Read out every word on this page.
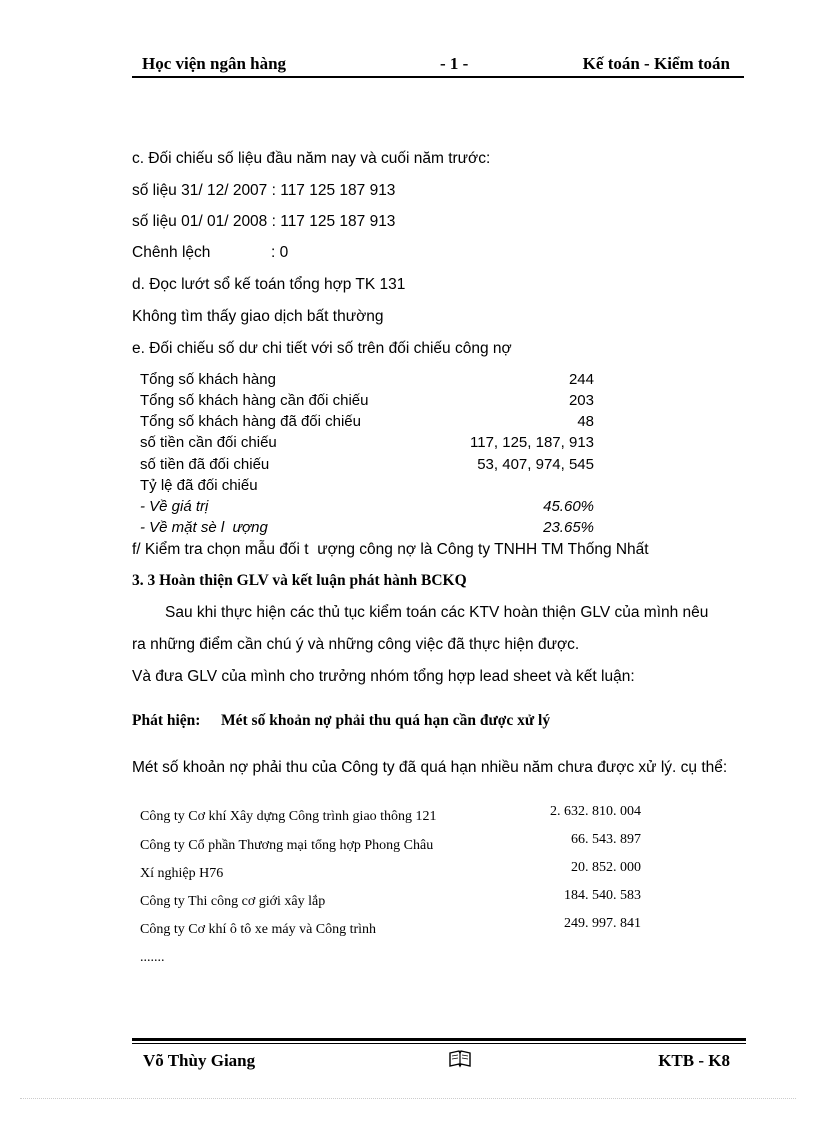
Học viện ngân hàng	- 1 -	Kế toán - Kiểm toán
c. Đối chiếu số liệu đầu năm nay và cuối năm trước:
số liệu 31/ 12/ 2007 : 117 125 187 913
số liệu 01/ 01/ 2008 : 117 125 187 913
Chênh lệch	: 0
d. Đọc lướt sổ kế toán tổng hợp TK 131
Không tìm thấy giao dịch bất thường
e. Đối chiếu số dư chi tiết với số trên đối chiếu công nợ
Tổng số khách hàng	244
Tổng số khách hàng cần đối chiếu	203
Tổng số khách hàng đã đối chiếu	48
số tiền cần đối chiếu	117, 125, 187, 913
số tiền đã đối chiếu	53, 407, 974, 545
Tỷ lệ đã đối chiếu
- Về giá trị	45.60%
- Về mặt sè l ượng	23.65%
f/ Kiểm tra chọn mẫu đối t ượng công nợ là Công ty TNHH TM Thống Nhất
3. 3 Hoàn thiện GLV và kết luận phát hành BCKQ
Sau khi thực hiện các thủ tục kiểm toán các KTV hoàn thiện GLV của mình nêu
ra những điểm cần chú ý và những công việc đã thực hiện được.
Và đưa GLV của mình cho trưởng nhóm tổng hợp lead sheet và kết luận:
Phát hiện: Mét số khoản nợ phải thu quá hạn cần được xử lý
Mét số khoản nợ phải thu của Công ty đã quá hạn nhiều năm chưa được xử lý. cụ thể:
Công ty Cơ khí Xây dựng Công trình giao thông 121	2. 632. 810. 004
Công ty Cổ phần Thương mại tổng hợp Phong Châu	66. 543. 897
Xí nghiệp H76	20. 852. 000
Công ty Thi công cơ giới xây lắp	184. 540. 583
Công ty Cơ khí ô tô xe máy và Công trình	249. 997. 841
.......
Võ Thùy Giang	KTB - K8
